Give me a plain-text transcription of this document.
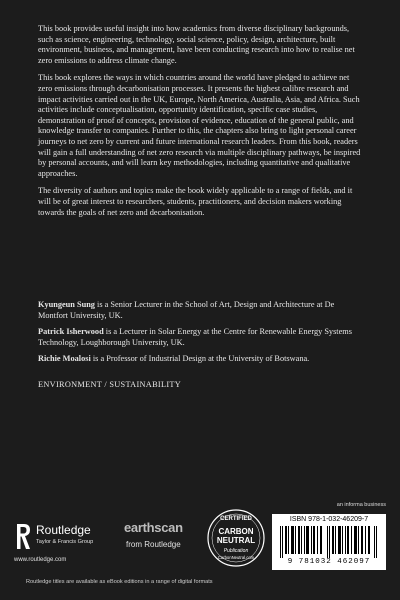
This book provides useful insight into how academics from diverse disciplinary backgrounds, such as science, engineering, technology, social science, policy, design, architecture, built environment, business, and management, have been conducting research into how to realise net zero emissions to address climate change.

This book explores the ways in which countries around the world have pledged to achieve net zero emissions through decarbonisation processes. It presents the highest calibre research and impact activities carried out in the UK, Europe, North America, Australia, Asia, and Africa. Such activities include conceptualisation, opportunity identification, specific case studies, demonstration of proof of concepts, provision of evidence, education of the general public, and knowledge transfer to companies. Further to this, the chapters also bring to light personal career journeys to net zero by current and future international research leaders. From this book, readers will gain a full understanding of net zero research via multiple disciplinary pathways, be inspired by personal accounts, and will learn key methodologies, including quantitative and qualitative approaches.

The diversity of authors and topics make the book widely applicable to a range of fields, and it will be of great interest to researchers, students, practitioners, and decision makers working towards the goals of net zero and decarbonisation.

Kyungeun Sung is a Senior Lecturer in the School of Art, Design and Architecture at De Montfort University, UK.

Patrick Isherwood is a Lecturer in Solar Energy at the Centre for Renewable Energy Systems Technology, Loughborough University, UK.

Richie Moalosi is a Professor of Industrial Design at the University of Botswana.

ENVIRONMENT / SUSTAINABILITY
Routledge
Taylor & Francis Group
www.routledge.com
earthscan
from Routledge
CERTIFIED
CARBON
NEUTRAL
Publication
CarbonNeutral.com
an informa business
ISBN 978-1-032-46209-7
9 781032 462097
Routledge titles are available as eBook editions in a range of digital formats
